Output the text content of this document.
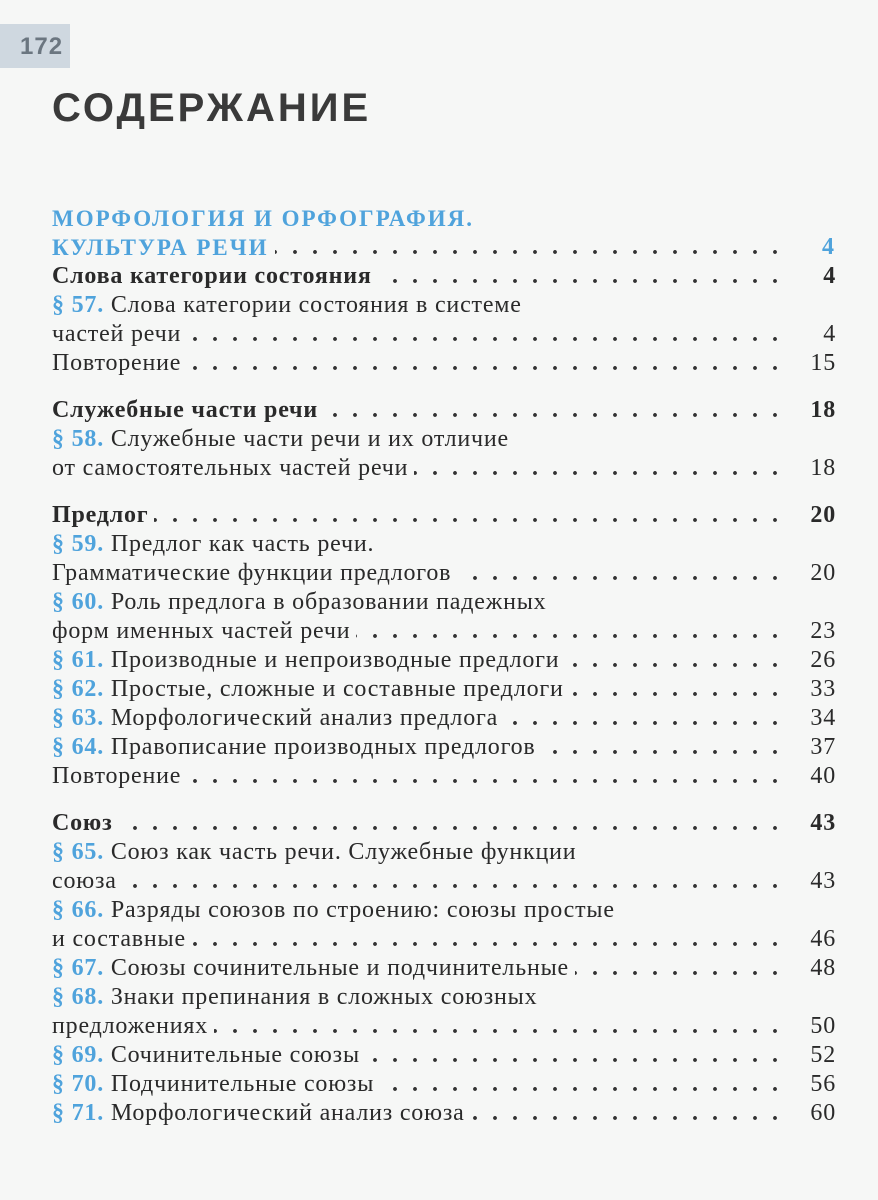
172
СОДЕРЖАНИЕ
МОРФОЛОГИЯ И ОРФОГРАФИЯ.
. . . КУЛЬТУРА РЕЧИ	4
. . . Слова категории состояния	4
§ 57. Слова категории состояния в системе
. . . частей речи	4
. . . Повторение	15
. . . Служебные части речи	18
§ 58. Служебные части речи и их отличие
. . . от самостоятельных частей речи	18
. . . Предлог	20
§ 59. Предлог как часть речи.
. . . Грамматические функции предлогов	20
§ 60. Роль предлога в образовании падежных
. . . форм именных частей речи	23
. . . § 61. Производные и непроизводные предлоги	26
. . . § 62. Простые, сложные и составные предлоги	33
. . . § 63. Морфологический анализ предлога	34
. . . § 64. Правописание производных предлогов	37
. . . Повторение	40
. . . Союз	43
§ 65. Союз как часть речи. Служебные функции
. . . союза	43
§ 66. Разряды союзов по строению: союзы простые
. . . и составные	46
. . . § 67. Союзы сочинительные и подчинительные	48
§ 68. Знаки препинания в сложных союзных
. . . предложениях	50
. . . § 69. Сочинительные союзы	52
. . . § 70. Подчинительные союзы	56
. . . § 71. Морфологический анализ союза	60
